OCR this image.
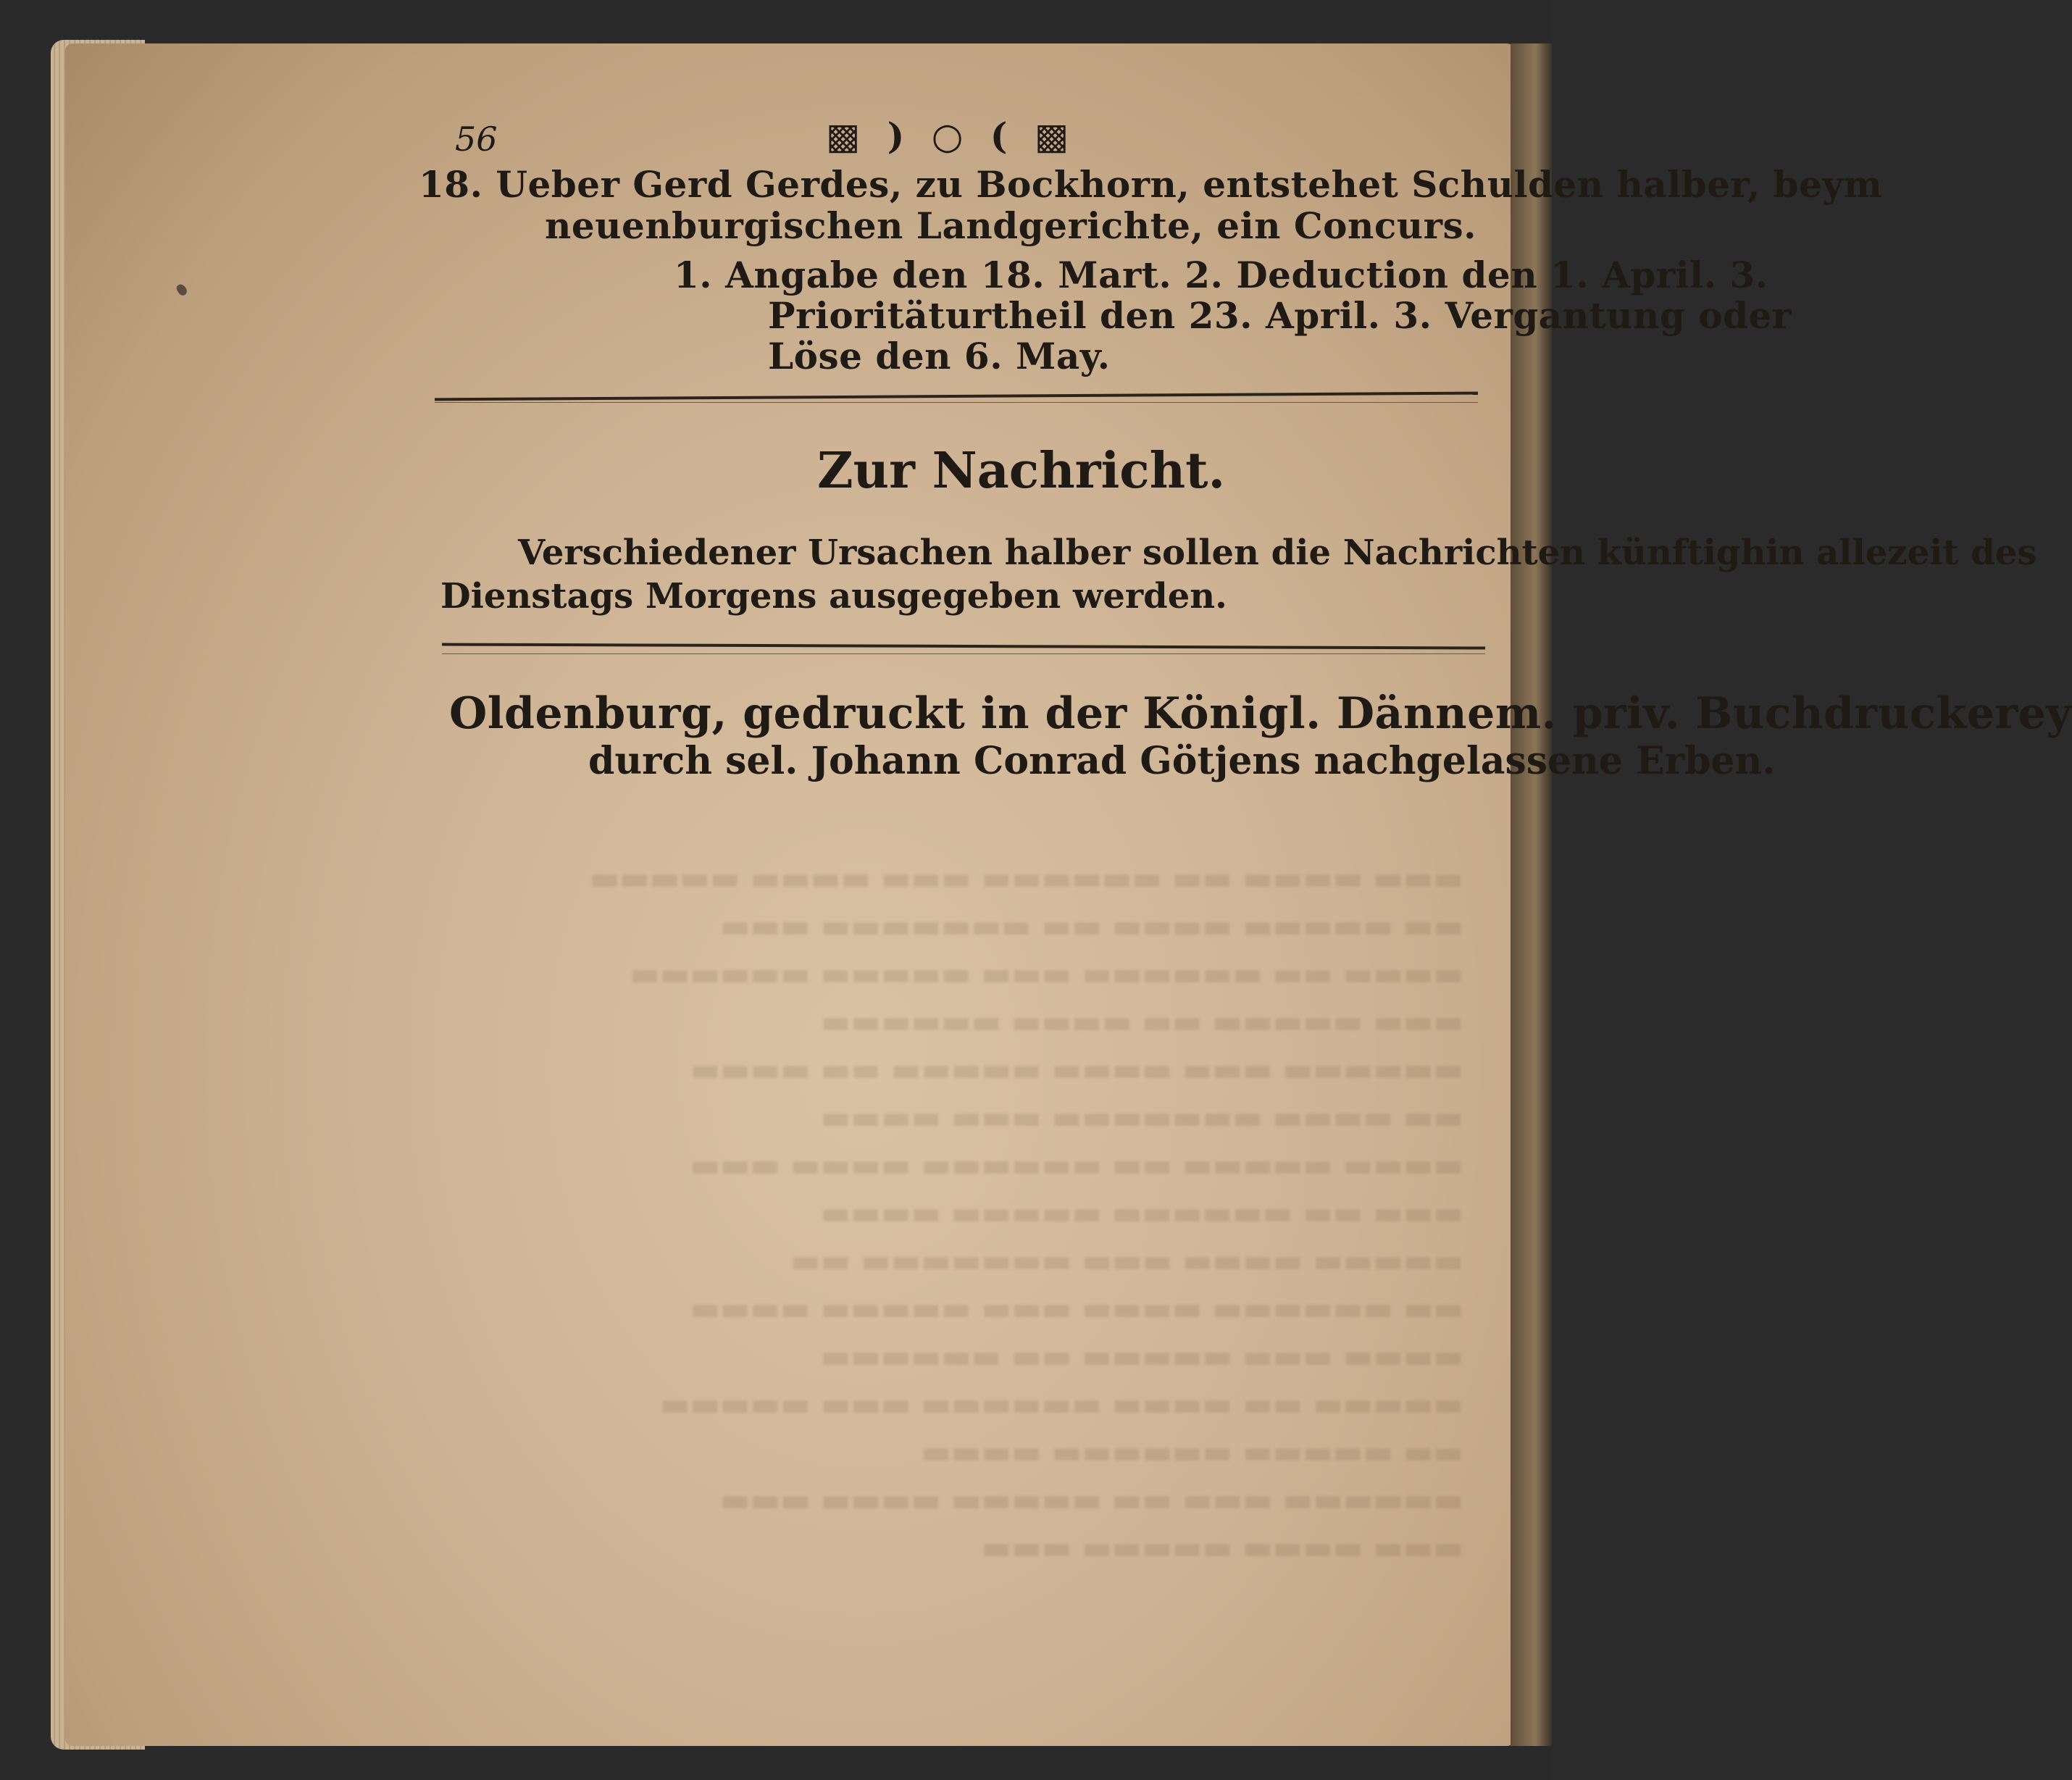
▬▬▬ ▬▬▬▬ ▬▬ ▬▬▬▬▬▬ ▬▬▬ ▬▬▬▬ ▬▬▬▬▬
▬▬ ▬▬▬▬▬ ▬▬▬▬ ▬▬ ▬▬▬▬▬▬▬ ▬▬▬
▬▬▬▬ ▬▬ ▬▬▬▬▬▬ ▬▬▬ ▬▬▬▬▬ ▬▬▬▬▬▬
▬▬▬ ▬▬▬▬▬ ▬▬ ▬▬▬▬ ▬▬▬▬▬▬
▬▬▬▬▬▬ ▬▬▬ ▬▬▬▬ ▬▬▬▬▬ ▬▬ ▬▬▬▬
▬▬ ▬▬▬▬ ▬▬▬▬▬▬▬ ▬▬▬ ▬▬▬▬
▬▬▬▬ ▬▬▬▬▬ ▬▬ ▬▬▬▬▬▬ ▬▬▬▬ ▬▬▬
▬▬▬ ▬▬ ▬▬▬▬▬▬ ▬▬▬▬▬ ▬▬▬▬
▬▬▬▬▬ ▬▬▬▬ ▬▬▬ ▬▬▬▬▬▬▬ ▬▬
▬▬ ▬▬▬▬▬▬ ▬▬▬▬ ▬▬▬ ▬▬▬▬▬ ▬▬▬▬
▬▬▬▬ ▬▬▬ ▬▬▬▬▬ ▬▬ ▬▬▬▬▬▬
▬▬▬▬▬ ▬▬ ▬▬▬▬ ▬▬▬▬▬▬ ▬▬▬ ▬▬▬▬▬
▬▬ ▬▬▬▬▬ ▬▬▬▬▬▬ ▬▬▬▬
▬▬▬▬▬▬ ▬▬▬ ▬▬ ▬▬▬▬▬ ▬▬▬▬ ▬▬▬
▬▬▬ ▬▬▬▬ ▬▬▬▬▬ ▬▬▬

56	▩ ) ○ ( ▩
18. Ueber Gerd Gerdes, zu Bockhorn, entstehet Schulden halber, beym
neuenburgischen Landgerichte, ein Concurs.
1. Angabe den 18. Mart. 2. Deduction den 1. April. 3.
Prioritäturtheil den 23. April. 3. Vergantung oder
Löse den 6. May.
Zur Nachricht.
Verschiedener Ursachen halber sollen die Nachrichten künftighin allezeit des
Dienstags Morgens ausgegeben werden.
Oldenburg, gedruckt in der Königl. Dännem. priv. Buchdruckerey
durch sel. Johann Conrad Götjens nachgelassene Erben.
